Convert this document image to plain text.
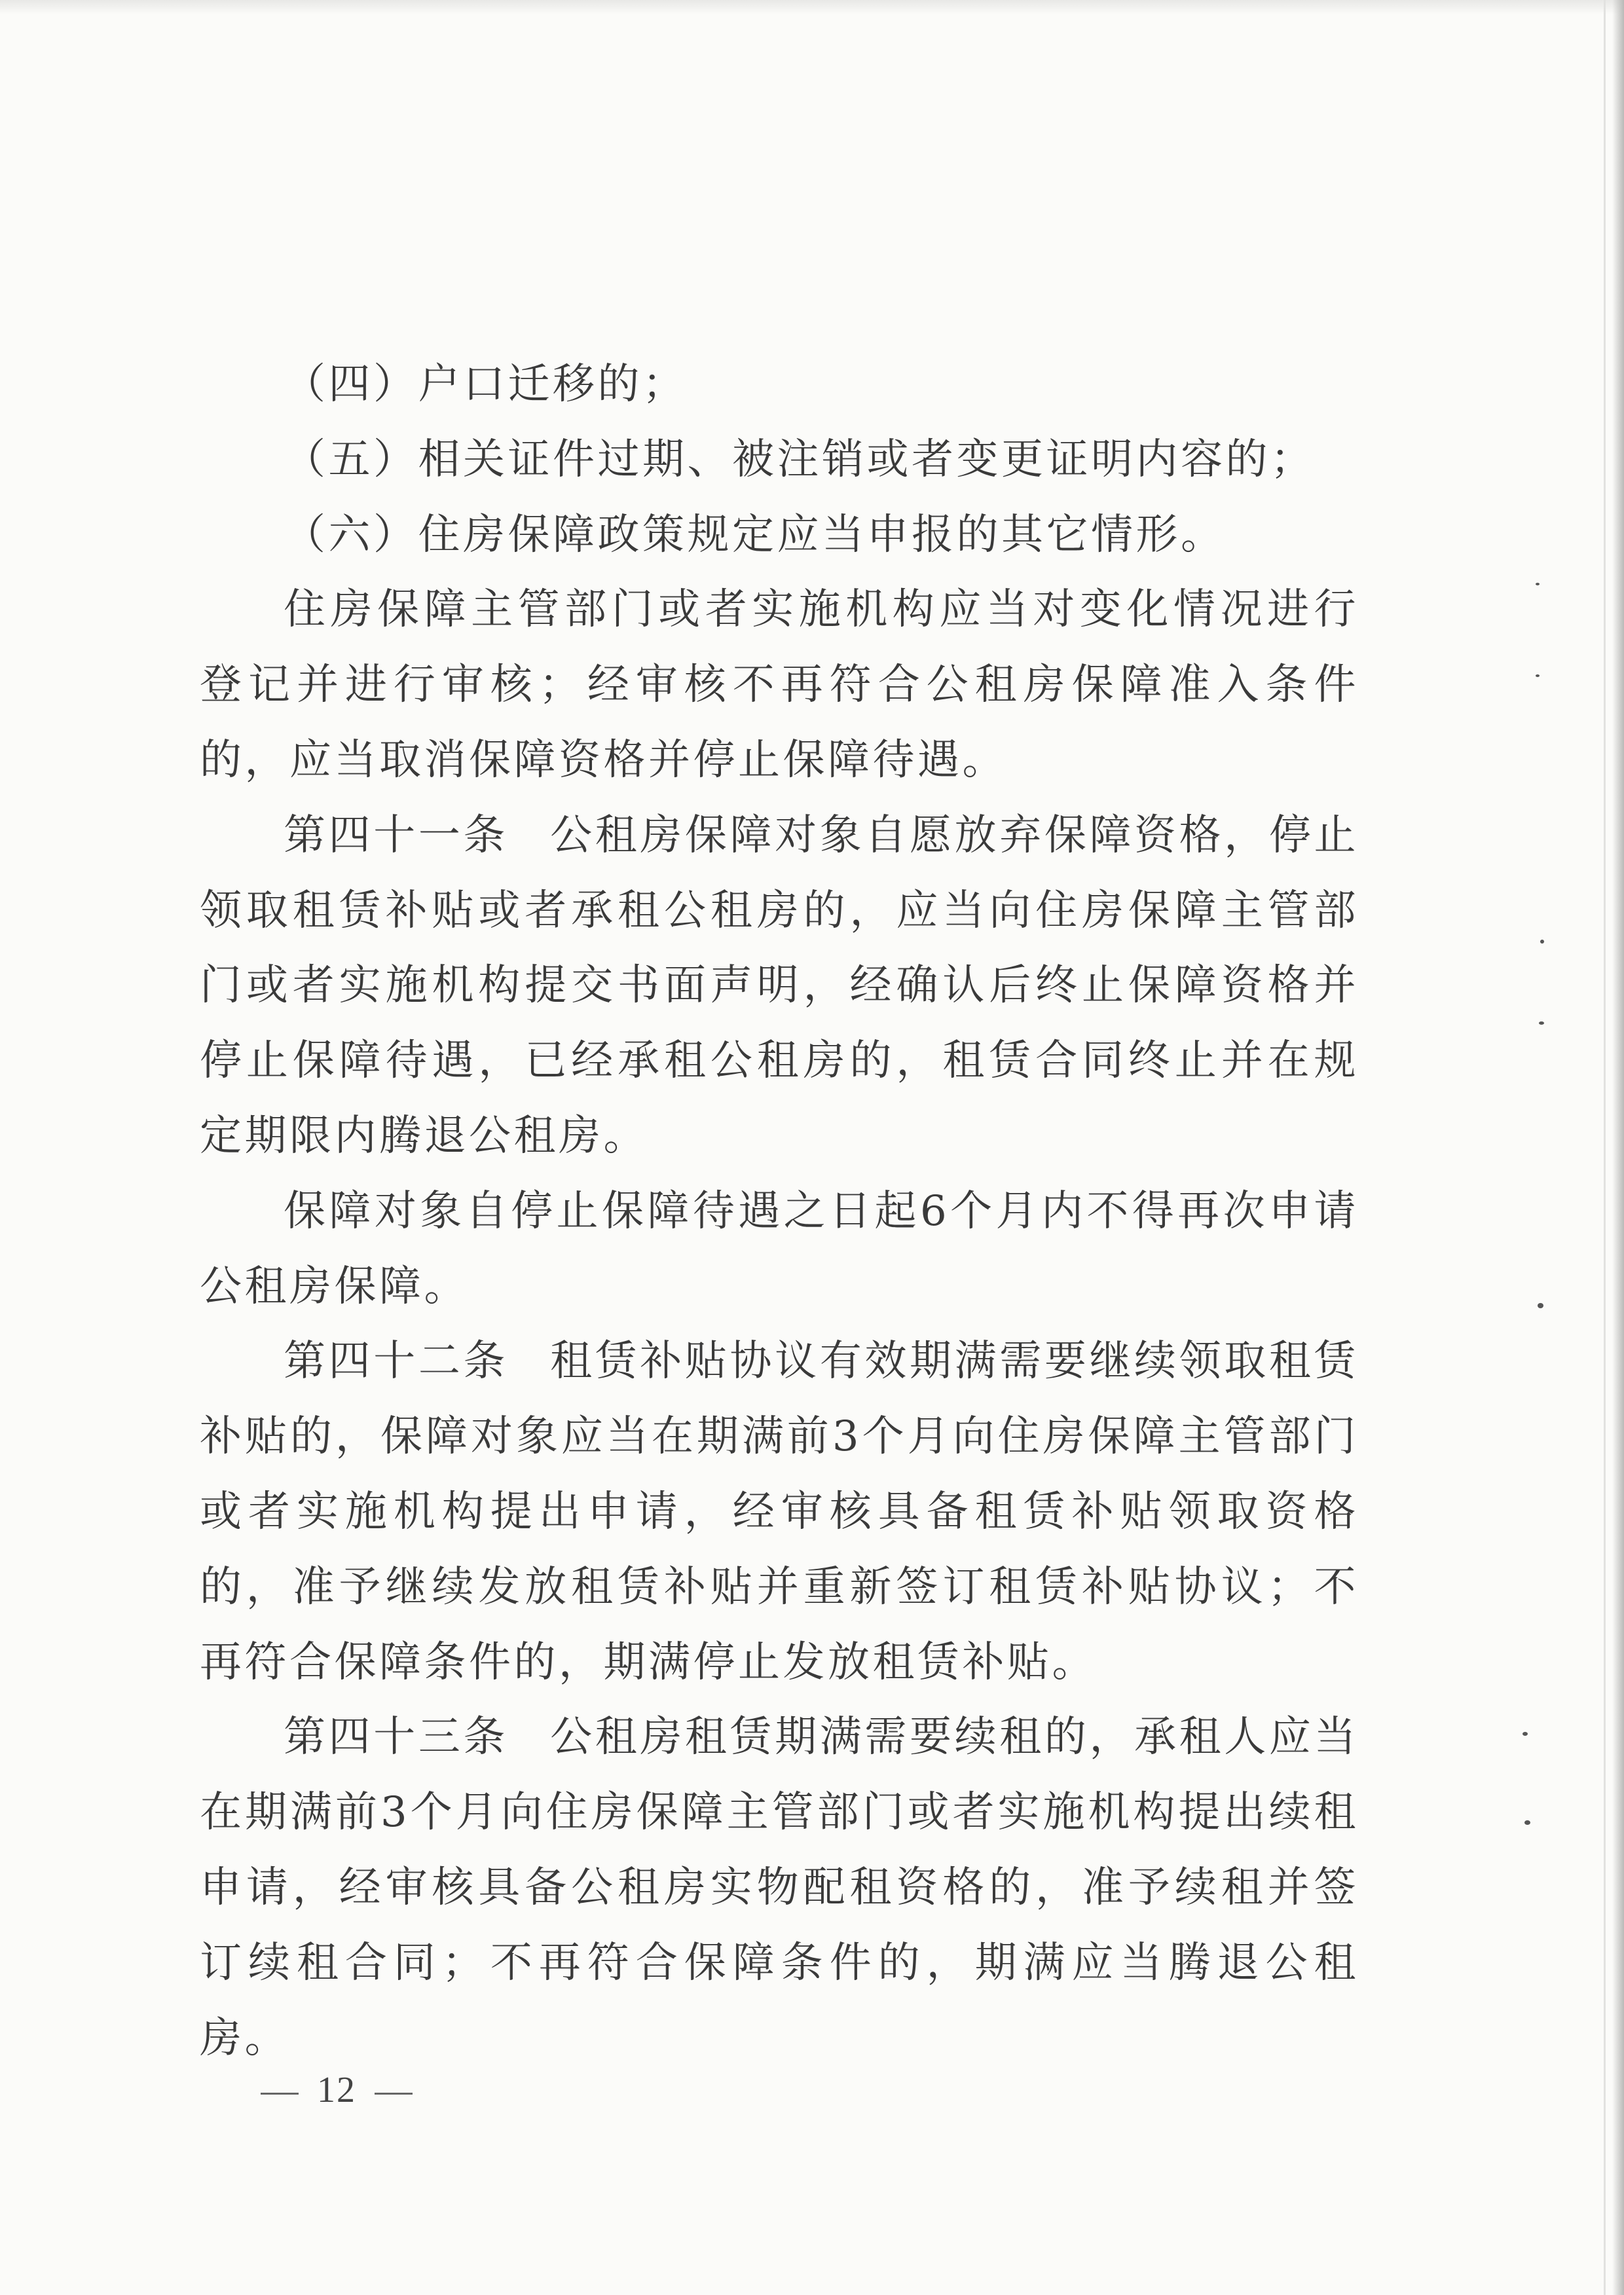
（四）户口迁移的；

（五）相关证件过期、被注销或者变更证明内容的；

（六）住房保障政策规定应当申报的其它情形。

住房保障主管部门或者实施机构应当对变化情况进行登记并进行审核；经审核不再符合公租房保障准入条件的，应当取消保障资格并停止保障待遇。

第四十一条 公租房保障对象自愿放弃保障资格，停止领取租赁补贴或者承租公租房的，应当向住房保障主管部门或者实施机构提交书面声明，经确认后终止保障资格并停止保障待遇，已经承租公租房的，租赁合同终止并在规定期限内腾退公租房。

保障对象自停止保障待遇之日起6个月内不得再次申请公租房保障。

第四十二条 租赁补贴协议有效期满需要继续领取租赁补贴的，保障对象应当在期满前3个月向住房保障主管部门或者实施机构提出申请，经审核具备租赁补贴领取资格的，准予继续发放租赁补贴并重新签订租赁补贴协议；不再符合保障条件的，期满停止发放租赁补贴。

第四十三条 公租房租赁期满需要续租的，承租人应当在期满前3个月向住房保障主管部门或者实施机构提出续租申请，经审核具备公租房实物配租资格的，准予续租并签订续租合同；不再符合保障条件的，期满应当腾退公租房。

12
